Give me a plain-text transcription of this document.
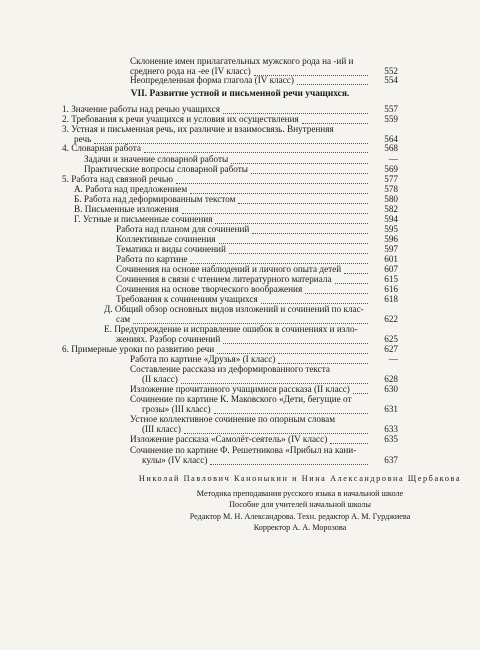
Склонение имен прилагательных мужского рода на -ий и
среднего рода на -ее (IV класс)	552
Неопределенная форма глагола (IV класс)	554
VII. Развитие устной и письменной речи учащихся.
1. Значение работы над речью учащихся	557
2. Требования к речи учащихся и условия их осуществления	559
3. Устная и письменная речь, их различие и взаимосвязь. Внутренняя
речь	564
4. Словарная работа	568
Задачи и значение словарной работы	—
Практические вопросы словарной работы	569
5. Работа над связной речью	577
А. Работа над предложением	578
Б. Работа над деформированным текстом	580
В. Письменные изложения	582
Г. Устные и письменные сочинения	594
Работа над планом для сочинений	595
Коллективные сочинения	596
Тематика и виды сочинений	597
Работа по картине	601
Сочинения на основе наблюдений и личного опыта детей	607
Сочинения в связи с чтением литературного материала	615
Сочинения на основе творческого воображения	616
Требования к сочинениям учащихся	618
Д. Общий обзор основных видов изложений и сочинений по клас-
сам	622
Е. Предупреждение и исправление ошибок в сочинениях и изло-
жениях. Разбор сочинений	625
6. Примерные уроки по развитию речи	627
Работа по картине «Друзья» (I класс)	—
Составление рассказа из деформированного текста
(II класс)	628
Изложение прочитанного учащимися рассказа (II класс)	630
Сочинение по картине К. Маковского «Дети, бегущие от
грозы» (III класс)	631
Устное коллективное сочинение по опорным словам
(III класс)	633
Изложение рассказа «Самолёт-сеятель» (IV класс)	635
Сочинение по картине Ф. Решетникова «Прибыл на кани-
кулы» (IV класс)	637
Николай Павлович Каноныкин и Нина Александровна Щербакова
Методика преподавания русского языка в начальной школе
Пособие для учителей начальной школы
Редактор М. Н. Александрова. Техн. редактор А. М. Гурджиева
Корректор А. А. Морозова
